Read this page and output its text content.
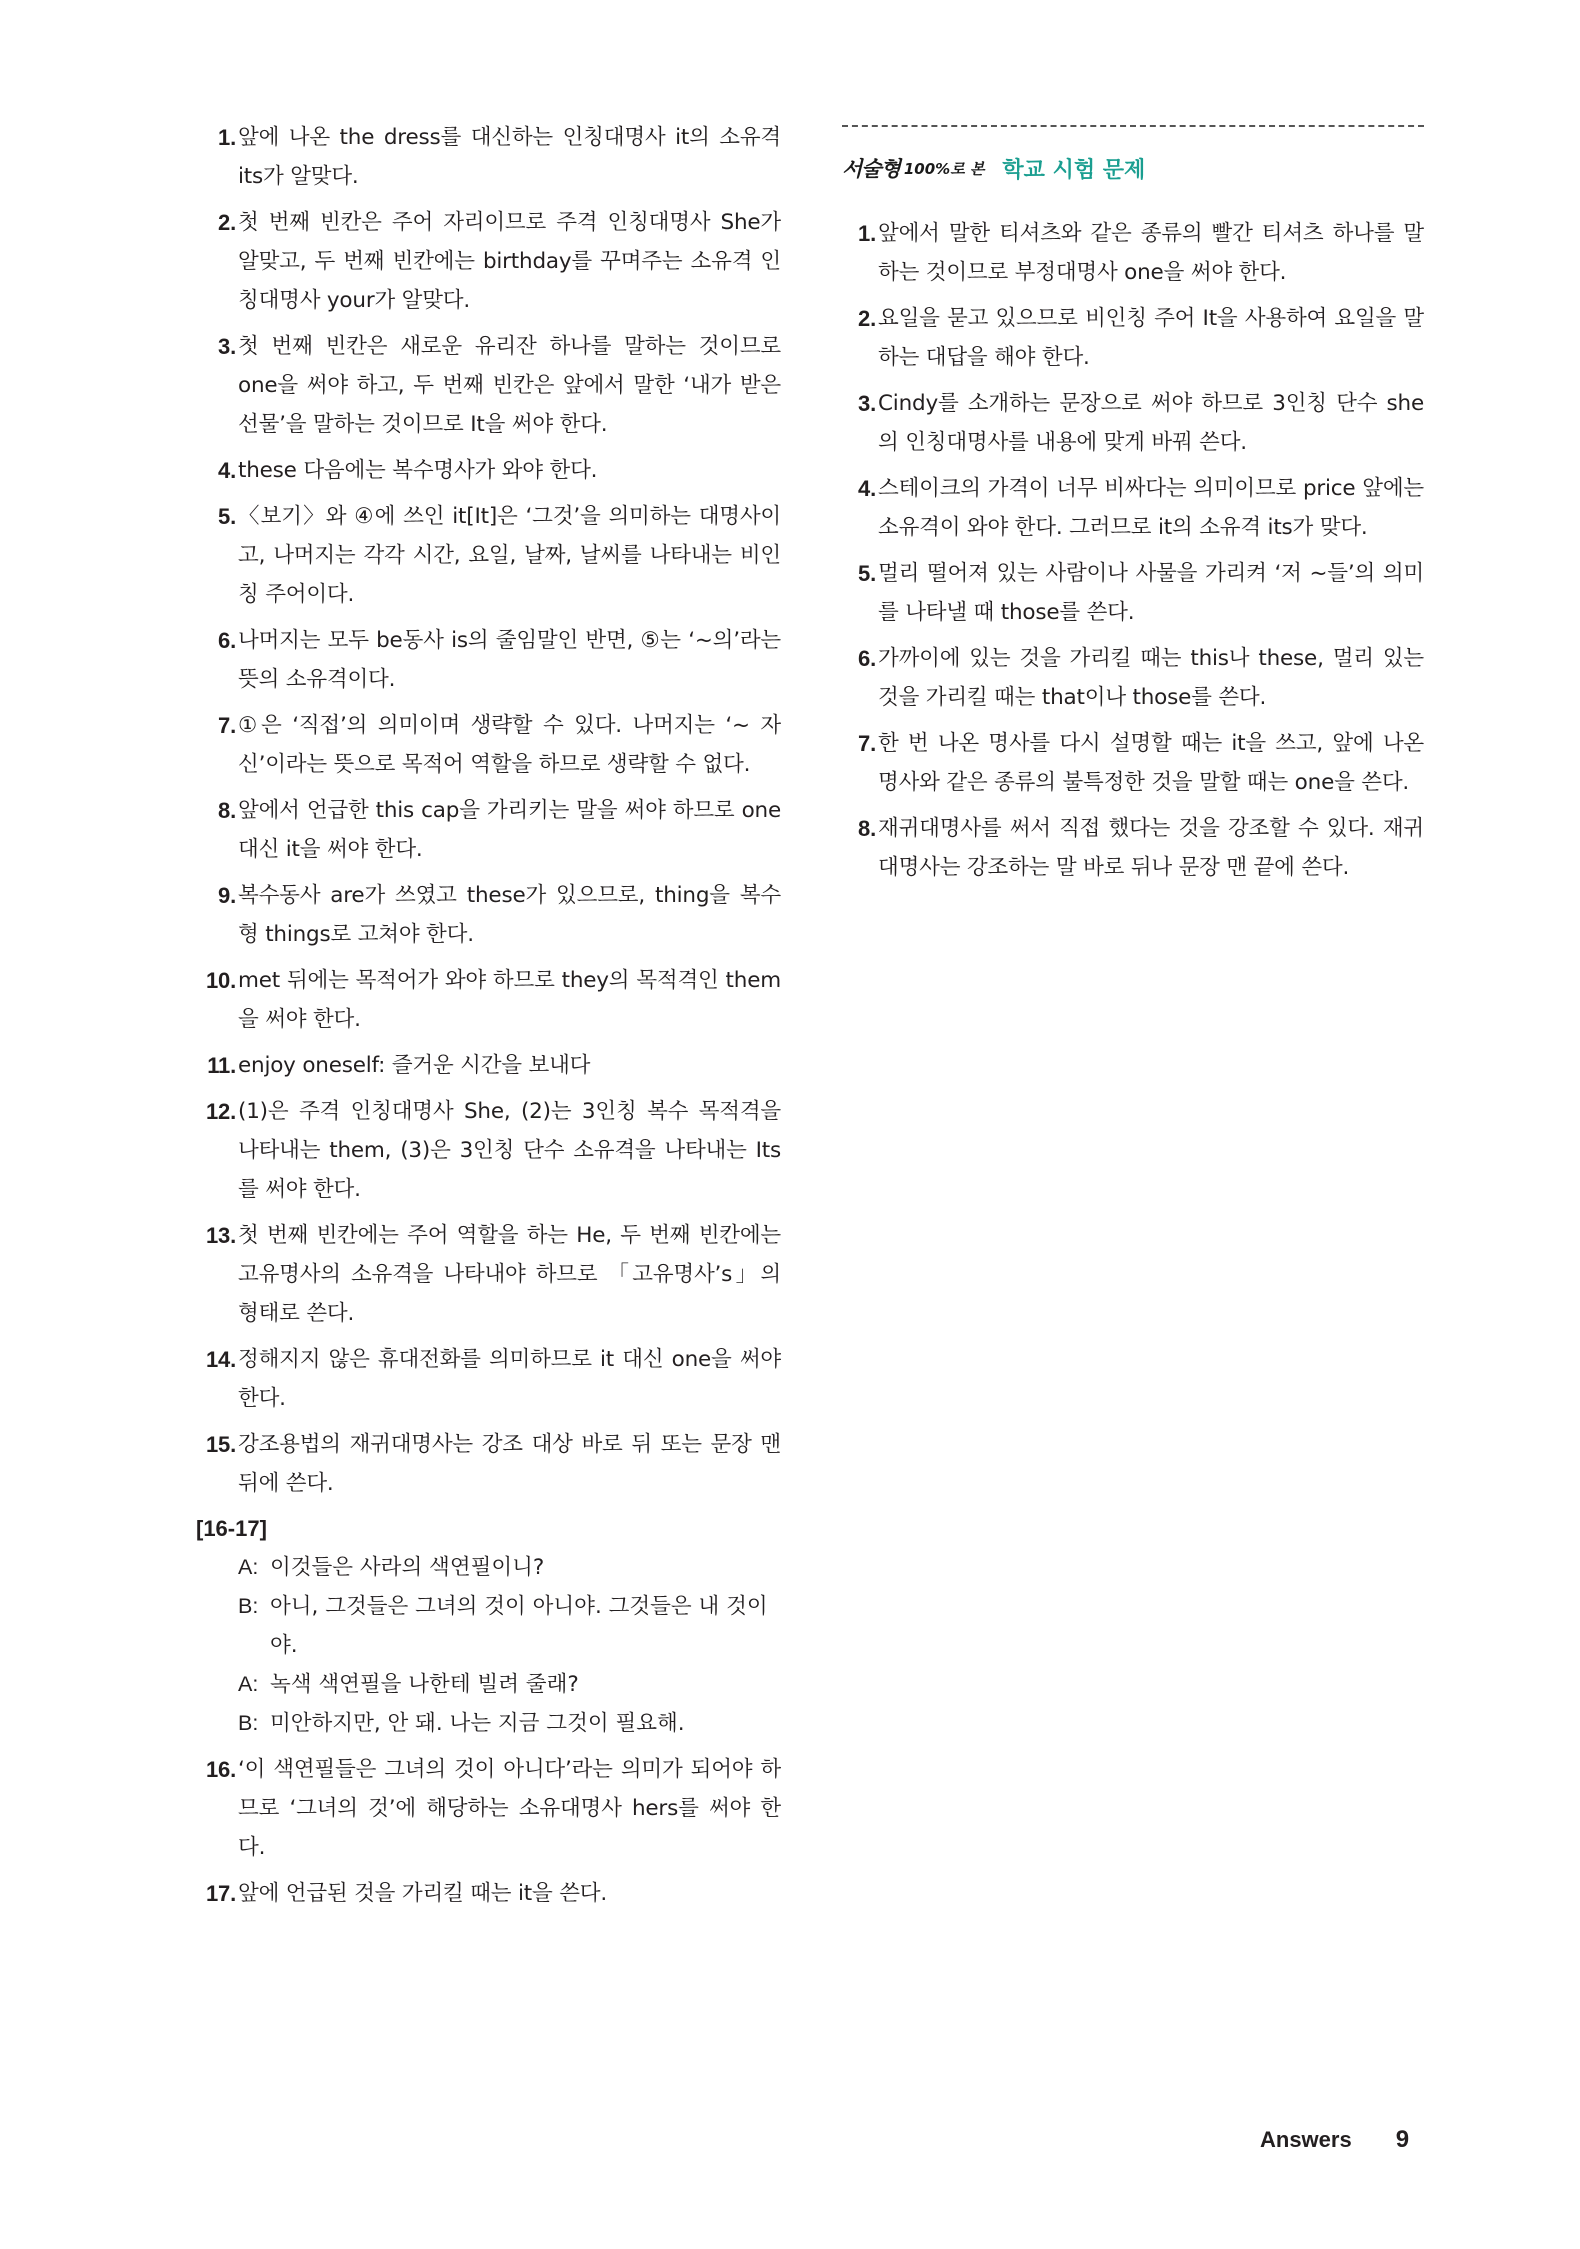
1 . 앞에 나온 the dress를 대신하는 인칭대명사 it의 소유격 its가 알맞다.
2 . 첫 번째 빈칸은 주어 자리이므로 주격 인칭대명사 She가 알맞고, 두 번째 빈칸에는 birthday를 꾸며주는 소유격 인칭대명사 your가 알맞다.
3 . 첫 번째 빈칸은 새로운 유리잔 하나를 말하는 것이므로 one을 써야 하고, 두 번째 빈칸은 앞에서 말한 ‘내가 받은 선물’을 말하는 것이므로 It을 써야 한다.
4 . these 다음에는 복수명사가 와야 한다.
5 . 〈보기〉와 ④에 쓰인 it[It]은 ‘그것’을 의미하는 대명사이고, 나머지는 각각 시간, 요일, 날짜, 날씨를 나타내는 비인칭 주어이다.
6 . 나머지는 모두 be동사 is의 줄임말인 반면, ⑤는 ‘~의’라는 뜻의 소유격이다.
7 . ①은 ‘직접’의 의미이며 생략할 수 있다. 나머지는 ‘~ 자신’이라는 뜻으로 목적어 역할을 하므로 생략할 수 없다.
8 . 앞에서 언급한 this cap을 가리키는 말을 써야 하므로 one 대신 it을 써야 한다.
9 . 복수동사 are가 쓰였고 these가 있으므로, thing을 복수형 things로 고쳐야 한다.
10 . met 뒤에는 목적어가 와야 하므로 they의 목적격인 them을 써야 한다.
11 . enjoy oneself: 즐거운 시간을 보내다
12 . (1)은 주격 인칭대명사 She, (2)는 3인칭 복수 목적격을 나타내는 them, (3)은 3인칭 단수 소유격을 나타내는 Its를 써야 한다.
13 . 첫 번째 빈칸에는 주어 역할을 하는 He, 두 번째 빈칸에는 고유명사의 소유격을 나타내야 하므로 「고유명사’s」의 형태로 쓴다.
14 . 정해지지 않은 휴대전화를 의미하므로 it 대신 one을 써야 한다.
15 . 강조용법의 재귀대명사는 강조 대상 바로 뒤 또는 문장 맨 뒤에 쓴다.
[16-17]
A: 이것들은 사라의 색연필이니?
B: 아니, 그것들은 그녀의 것이 아니야. 그것들은 내 것이야.
A: 녹색 색연필을 나한테 빌려 줄래?
B: 미안하지만, 안 돼. 나는 지금 그것이 필요해.
16 . ‘이 색연필들은 그녀의 것이 아니다’라는 의미가 되어야 하므로 ‘그녀의 것’에 해당하는 소유대명사 hers를 써야 한다.
17 . 앞에 언급된 것을 가리킬 때는 it을 쓴다.
서술형 100%로 본 학교 시험 문제
1 . 앞에서 말한 티셔츠와 같은 종류의 빨간 티셔츠 하나를 말하는 것이므로 부정대명사 one을 써야 한다.
2 . 요일을 묻고 있으므로 비인칭 주어 It을 사용하여 요일을 말하는 대답을 해야 한다.
3 . Cindy를 소개하는 문장으로 써야 하므로 3인칭 단수 she의 인칭대명사를 내용에 맞게 바꿔 쓴다.
4 . 스테이크의 가격이 너무 비싸다는 의미이므로 price 앞에는 소유격이 와야 한다. 그러므로 it의 소유격 its가 맞다.
5 . 멀리 떨어져 있는 사람이나 사물을 가리켜 ‘저 ~들’의 의미를 나타낼 때 those를 쓴다.
6 . 가까이에 있는 것을 가리킬 때는 this나 these, 멀리 있는 것을 가리킬 때는 that이나 those를 쓴다.
7 . 한 번 나온 명사를 다시 설명할 때는 it을 쓰고, 앞에 나온 명사와 같은 종류의 불특정한 것을 말할 때는 one을 쓴다.
8 . 재귀대명사를 써서 직접 했다는 것을 강조할 수 있다. 재귀대명사는 강조하는 말 바로 뒤나 문장 맨 끝에 쓴다.
Answers 9
